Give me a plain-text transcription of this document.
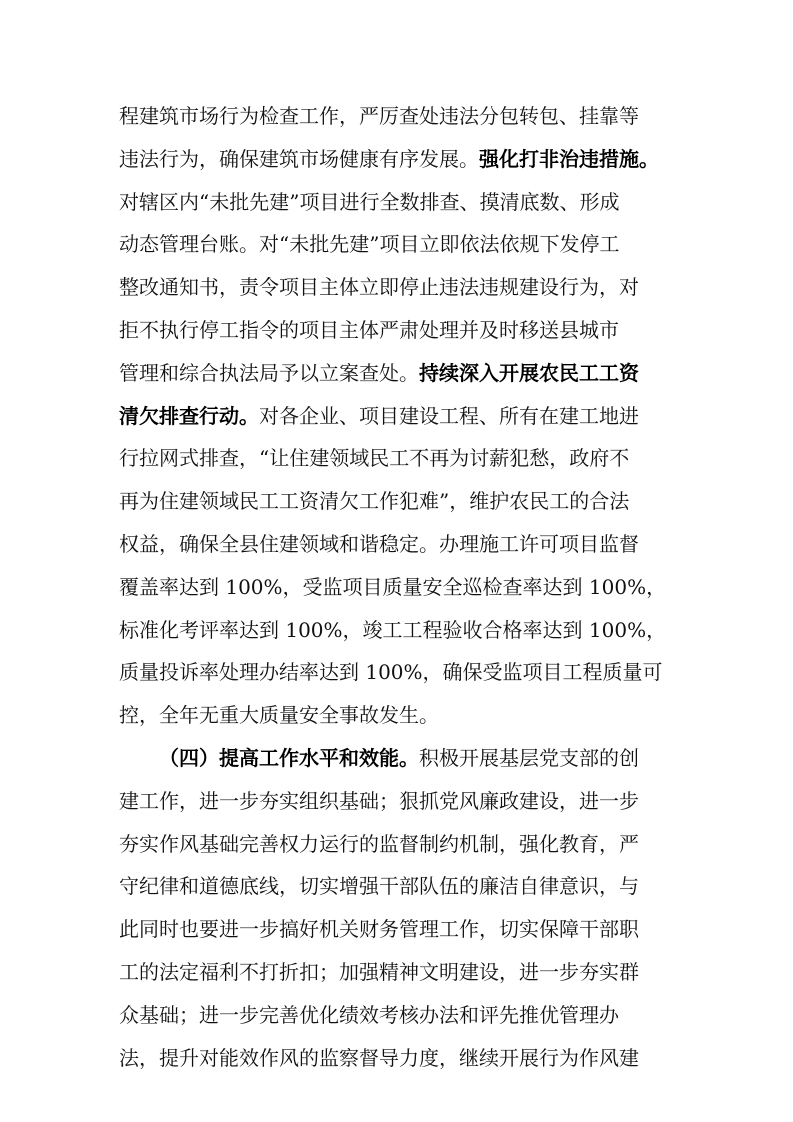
程建筑市场行为检查工作，严厉查处违法分包转包、挂靠等
违法行为，确保建筑市场健康有序发展。强化打非治违措施。
对辖区内“未批先建”项目进行全数排查、摸清底数、形成
动态管理台账。对“未批先建”项目立即依法依规下发停工
整改通知书，责令项目主体立即停止违法违规建设行为，对
拒不执行停工指令的项目主体严肃处理并及时移送县城市
管理和综合执法局予以立案查处。持续深入开展农民工工资
清欠排查行动。对各企业、项目建设工程、所有在建工地进
行拉网式排查，“让住建领域民工不再为讨薪犯愁，政府不
再为住建领域民工工资清欠工作犯难”，维护农民工的合法
权益，确保全县住建领域和谐稳定。办理施工许可项目监督
覆盖率达到 100%，受监项目质量安全巡检查率达到 100%，
标准化考评率达到 100%，竣工工程验收合格率达到 100%，
质量投诉率处理办结率达到 100%，确保受监项目工程质量可
控，全年无重大质量安全事故发生。
（四）提高工作水平和效能。积极开展基层党支部的创
建工作，进一步夯实组织基础；狠抓党风廉政建设，进一步
夯实作风基础完善权力运行的监督制约机制，强化教育，严
守纪律和道德底线，切实增强干部队伍的廉洁自律意识，与
此同时也要进一步搞好机关财务管理工作，切实保障干部职
工的法定福利不打折扣；加强精神文明建设，进一步夯实群
众基础；进一步完善优化绩效考核办法和评先推优管理办
法，提升对能效作风的监察督导力度，继续开展行为作风建
